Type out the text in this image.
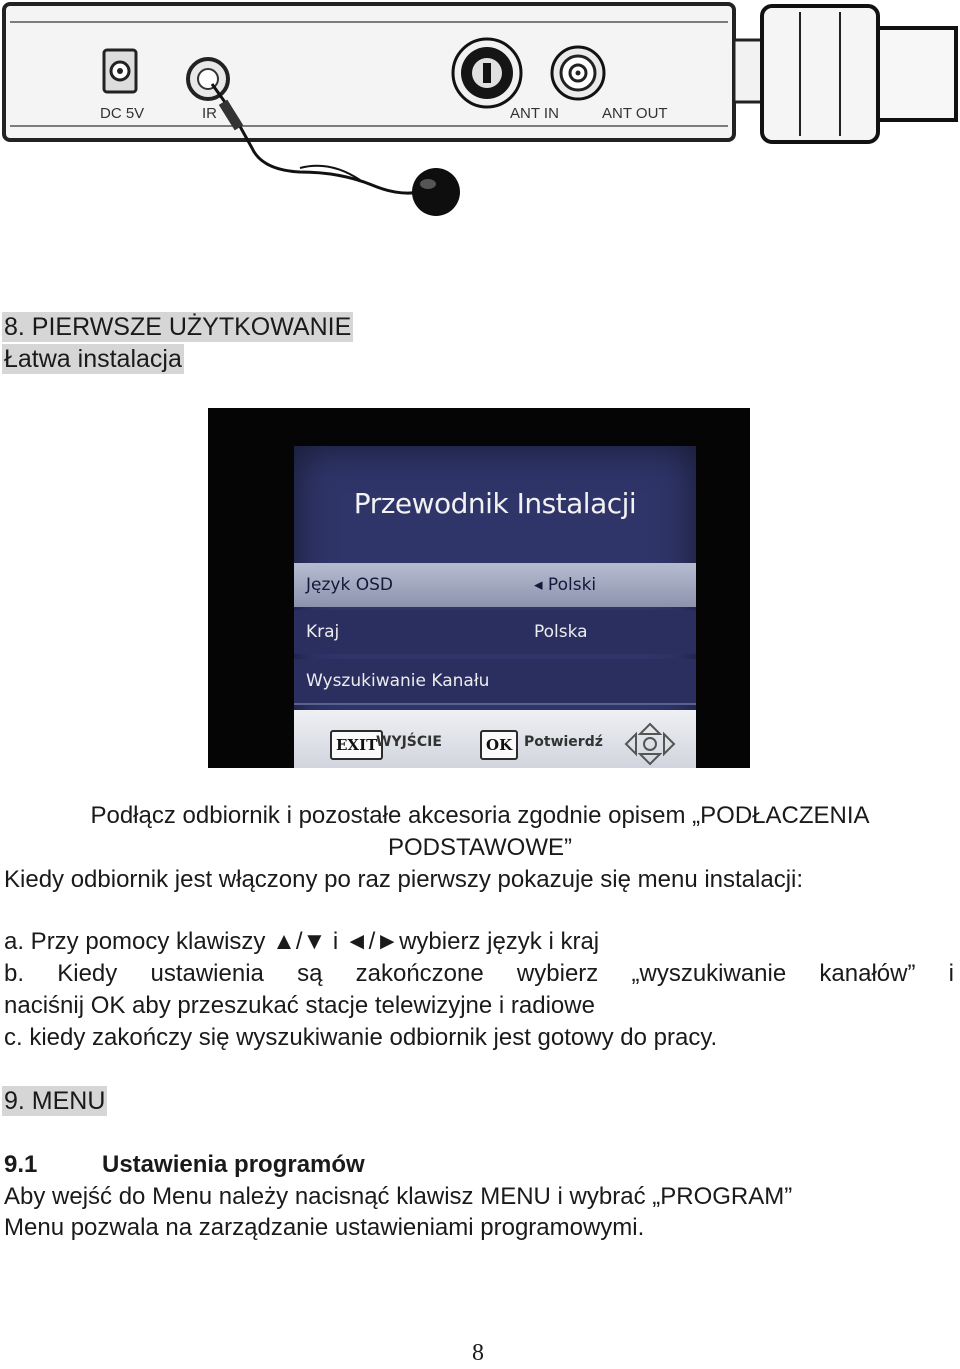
DC 5V	IR	ANT IN	ANT OUT
8. PIERWSZE UŻYTKOWANIE
Łatwa instalacja
Przewodnik Instalacji
Język OSD	◂ Polski
Kraj	Polska
Wyszukiwanie Kanału
EXIT
WYJŚCIE	OK Potwierdź
Podłącz odbiornik i pozostałe akcesoria zgodnie opisem „PODŁACZENIA
PODSTAWOWE”
Kiedy odbiornik jest włączony po raz pierwszy pokazuje się menu instalacji:
a. Przy pomocy klawiszy ▲/▼ i ◄/►wybierz język i kraj
b. Kiedy ustawienia są zakończone wybierz „wyszukiwanie kanałów” i
naciśnij OK aby przeszukać stacje telewizyjne i radiowe
c. kiedy zakończy się wyszukiwanie odbiornik jest gotowy do pracy.
9. MENU
9.1	Ustawienia programów
Aby wejść do Menu należy nacisnąć klawisz MENU i wybrać „PROGRAM”
Menu pozwala na zarządzanie ustawieniami programowymi.
8
